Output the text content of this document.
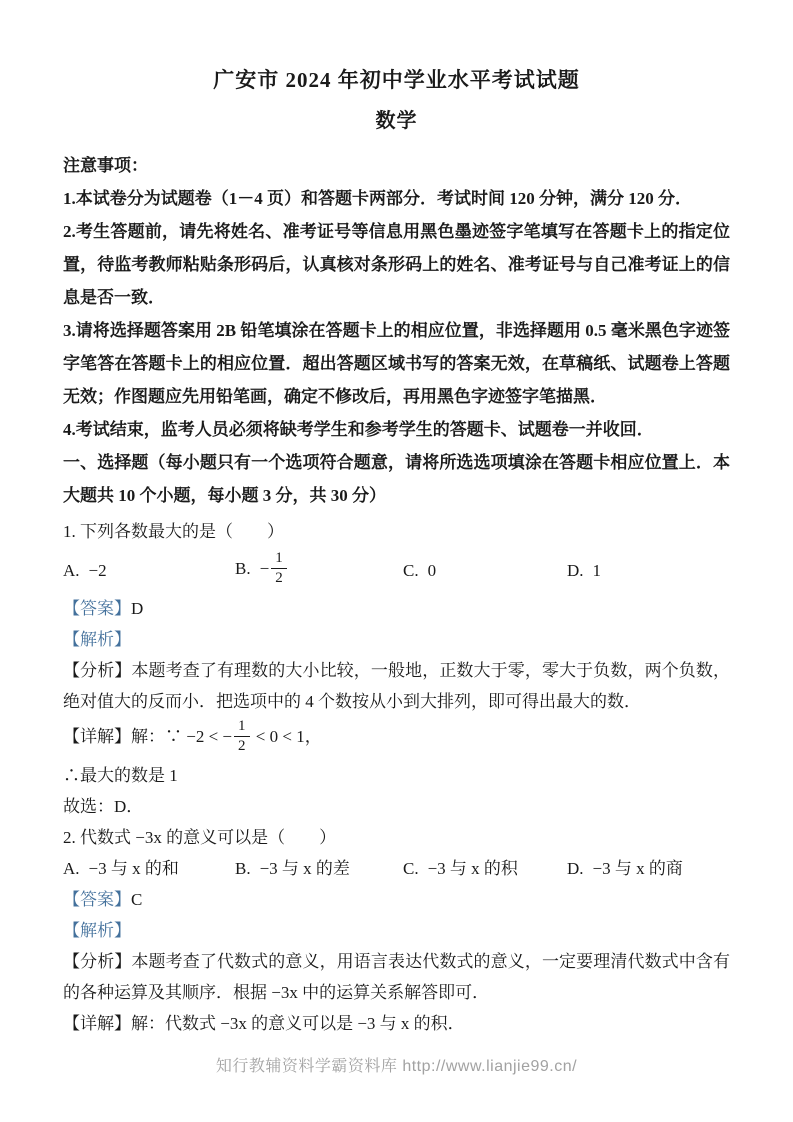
广安市 2024 年初中学业水平考试试题
数学

注意事项：

1.本试卷分为试题卷（1－4 页）和答题卡两部分．考试时间 120 分钟，满分 120 分．

2.考生答题前，请先将姓名、准考证号等信息用黑色墨迹签字笔填写在答题卡上的指定位置，待监考教师粘贴条形码后，认真核对条形码上的姓名、准考证号与自己准考证上的信息是否一致．

3.请将选择题答案用 2B 铅笔填涂在答题卡上的相应位置，非选择题用 0.5 毫米黑色字迹签字笔答在答题卡上的相应位置．超出答题区域书写的答案无效，在草稿纸、试题卷上答题无效；作图题应先用铅笔画，确定不修改后，再用黑色字迹签字笔描黑．

4.考试结束，监考人员必须将缺考学生和参考学生的答题卡、试题卷一并收回．

一、选择题（每小题只有一个选项符合题意，请将所选选项填涂在答题卡相应位置上．本大题共 10 个小题，每小题 3 分，共 30 分）

1. 下列各数最大的是（　　）

A. −2	B. − $\frac{1}{2}$	C. 0	D. 1

【答案】D

【解析】

【分析】本题考查了有理数的大小比较，一般地，正数大于零，零大于负数，两个负数，绝对值大的反而小．把选项中的 4 个数按从小到大排列，即可得出最大的数．

【详解】解：∵ −2 < − $\frac{1}{2} < 0 < 1$，

∴最大的数是 1

故选：D．

2. 代数式 −3x 的意义可以是（　　）

A. −3 与 x 的和	B. −3 与 x 的差	C. −3 与 x 的积	D. −3 与 x 的商

【答案】C

【解析】

【分析】本题考查了代数式的意义，用语言表达代数式的意义，一定要理清代数式中含有的各种运算及其顺序．根据 −3x 中的运算关系解答即可．

【详解】解：代数式 −3x 的意义可以是 −3 与 x 的积．

知行教辅资料学霸资料库 http://www.lianjie99.cn/
